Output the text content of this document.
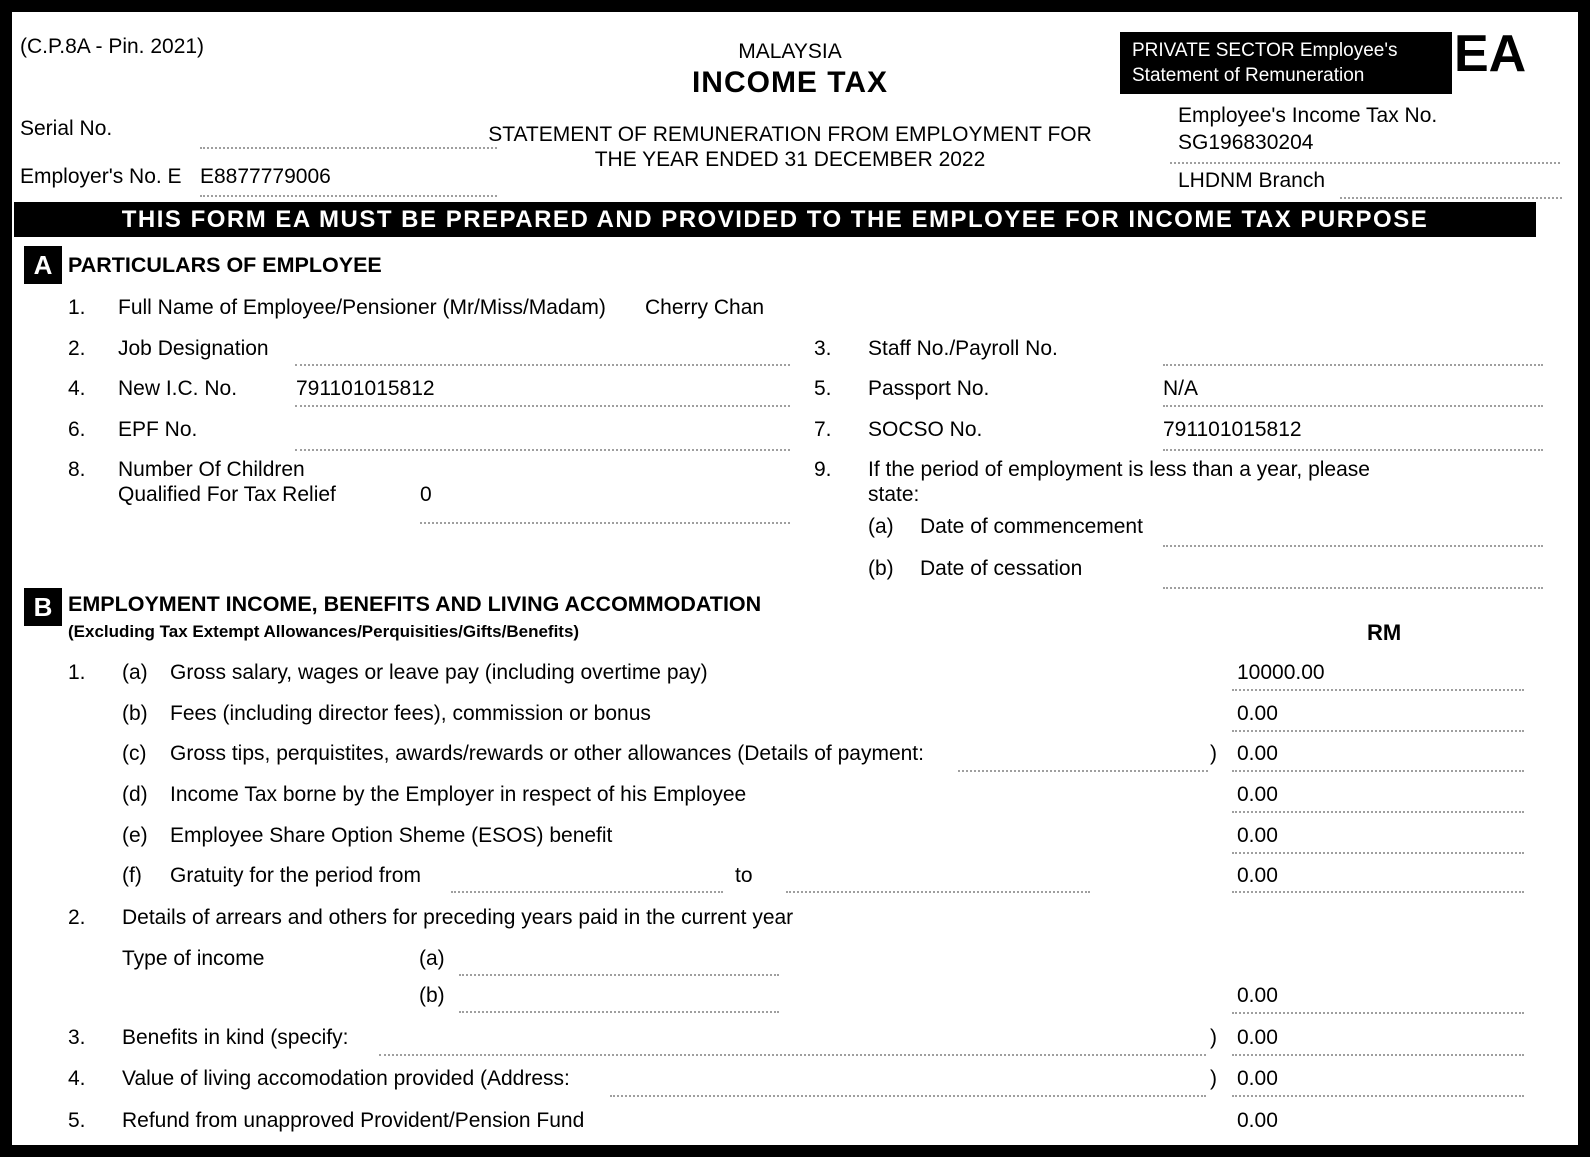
(C.P.8A - Pin. 2021)
Serial No.
Employer's No. E E8877779006
MALAYSIA
INCOME TAX
STATEMENT OF REMUNERATION FROM EMPLOYMENT FOR
THE YEAR ENDED 31 DECEMBER 2022
PRIVATE SECTOR Employee's
Statement of Remuneration	EA
Employee's Income Tax No.
SG196830204
LHDNM Branch
THIS FORM EA MUST BE PREPARED AND PROVIDED TO THE EMPLOYEE FOR INCOME TAX PURPOSE
A PARTICULARS OF EMPLOYEE
1. Full Name of Employee/Pensioner (Mr/Miss/Madam) Cherry Chan
2. Job Designation	3. Staff No./Payroll No.
4. New I.C. No.	791101015812	5. Passport No.	N/A
6. EPF No.	7. SOCSO No.	791101015812
8. Number Of Children
Qualified For Tax Relief	0
9. If the period of employment is less than a year, please
state:
(a) Date of commencement
(b) Date of cessation
B EMPLOYMENT INCOME, BENEFITS AND LIVING ACCOMMODATION
(Excluding Tax Extempt Allowances/Perquisities/Gifts/Benefits)	RM
1. (a) Gross salary, wages or leave pay (including overtime pay)	10000.00
(b) Fees (including director fees), commission or bonus	0.00
(c) Gross tips, perquistites, awards/rewards or other allowances (Details of payment:	) 0.00
(d) Income Tax borne by the Employer in respect of his Employee	0.00
(e) Employee Share Option Sheme (ESOS) benefit	0.00
(f) Gratuity for the period from	to	0.00
2. Details of arrears and others for preceding years paid in the current year
Type of income	(a)
(b)	0.00
3. Benefits in kind (specify:	) 0.00
4. Value of living accomodation provided (Address:	) 0.00
5. Refund from unapproved Provident/Pension Fund	0.00
